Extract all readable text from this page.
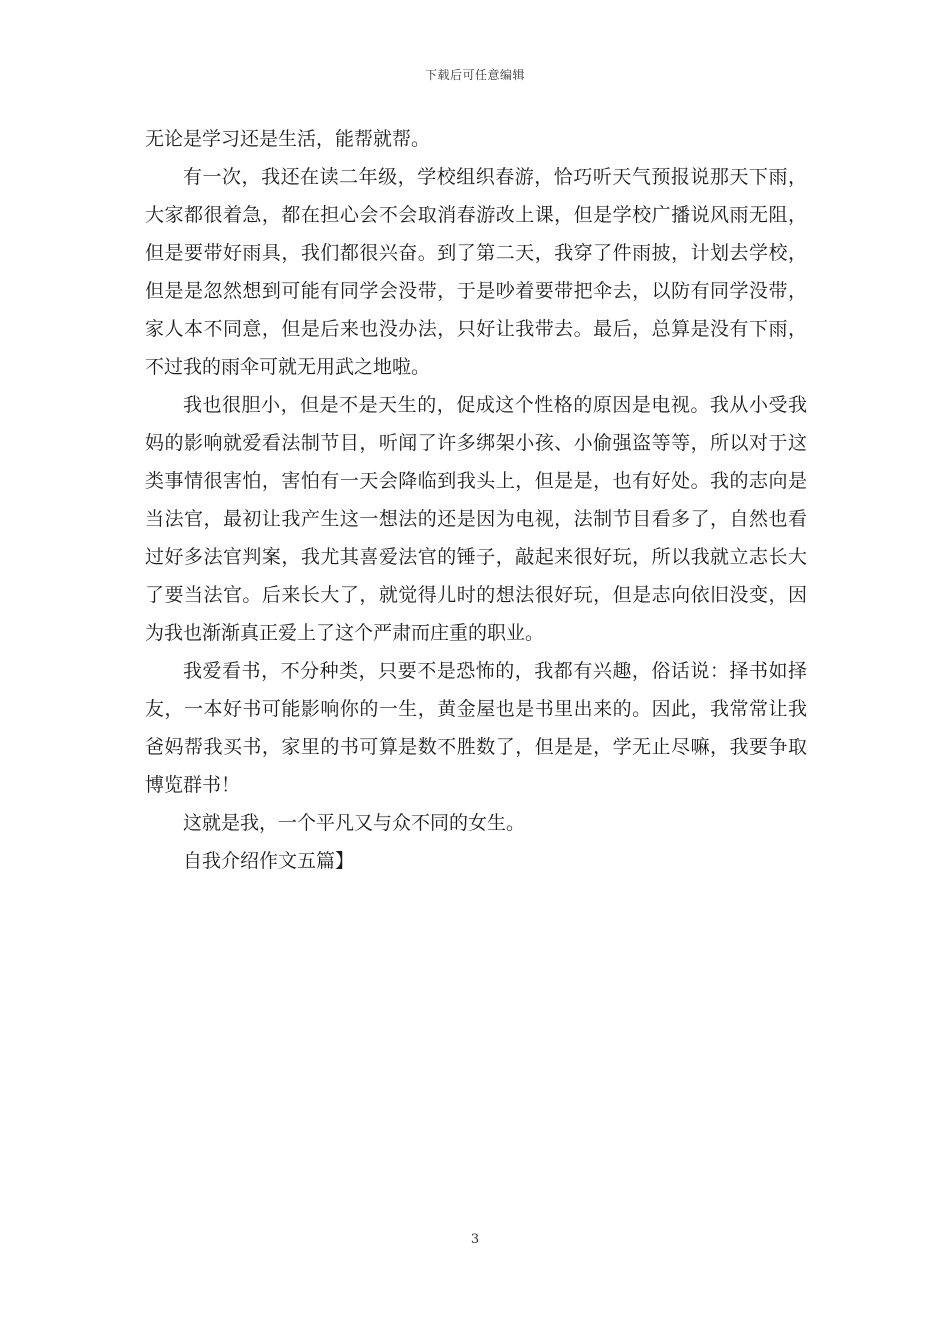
下载后可任意编辑

无论是学习还是生活，能帮就帮。

有一次，我还在读二年级，学校组织春游，恰巧听天气预报说那天下雨，大家都很着急，都在担心会不会取消春游改上课，但是学校广播说风雨无阻，但是要带好雨具，我们都很兴奋。到了第二天，我穿了件雨披，计划去学校，但是是忽然想到可能有同学会没带，于是吵着要带把伞去，以防有同学没带，家人本不同意，但是后来也没办法，只好让我带去。最后，总算是没有下雨，不过我的雨伞可就无用武之地啦。

我也很胆小，但是不是天生的，促成这个性格的原因是电视。我从小受我妈的影响就爱看法制节目，听闻了许多绑架小孩、小偷强盗等等，所以对于这类事情很害怕，害怕有一天会降临到我头上，但是是，也有好处。我的志向是当法官，最初让我产生这一想法的还是因为电视，法制节目看多了，自然也看过好多法官判案，我尤其喜爱法官的锤子，敲起来很好玩，所以我就立志长大了要当法官。后来长大了，就觉得儿时的想法很好玩，但是志向依旧没变，因为我也渐渐真正爱上了这个严肃而庄重的职业。

我爱看书，不分种类，只要不是恐怖的，我都有兴趣，俗话说：择书如择友，一本好书可能影响你的一生，黄金屋也是书里出来的。因此，我常常让我爸妈帮我买书，家里的书可算是数不胜数了，但是是，学无止尽嘛，我要争取博览群书！

这就是我，一个平凡又与众不同的女生。

自我介绍作文五篇】

3
